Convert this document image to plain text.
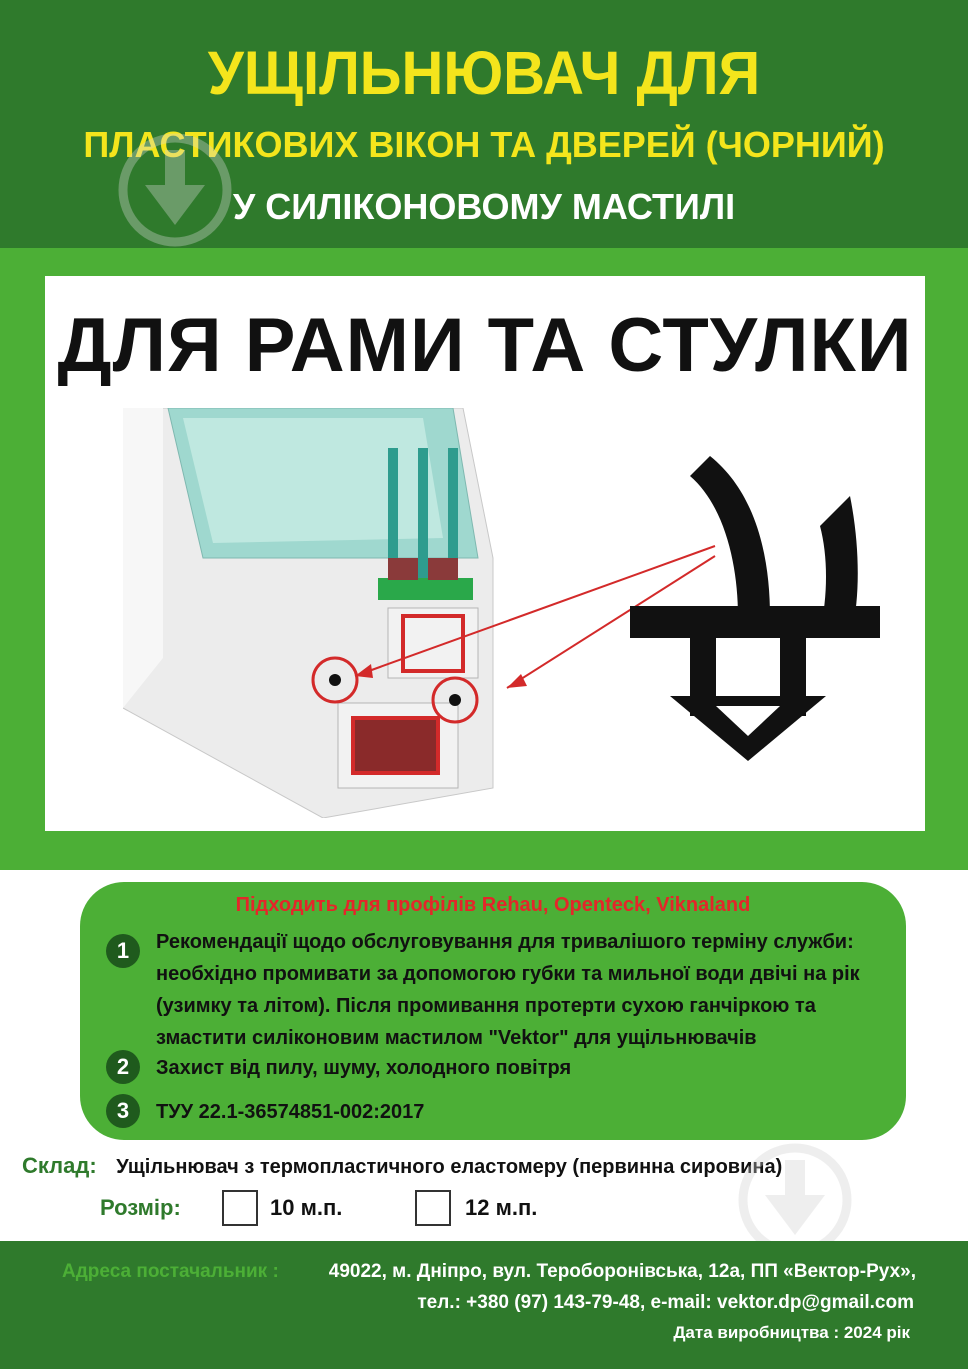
УЩІЛЬНЮВАЧ ДЛЯ
ПЛАСТИКОВИХ ВІКОН ТА ДВЕРЕЙ (ЧОРНИЙ)
У СИЛІКОНОВОМУ МАСТИЛІ
ДЛЯ РАМИ ТА СТУЛКИ
Підходить для профілів Rehau, Openteck, Viknaland
1	Рекомендації щодо обслуговування для тривалішого терміну служби:
необхідно промивати за допомогою губки та мильної води двічі на рік
(узимку та літом). Після промивання протерти сухою ганчіркою та
змастити силіконовим мастилом "Vektor" для ущільнювачів
2	Захист від пилу, шуму, холодного повітря
3	ТУУ 22.1-36574851-002:2017
Склад: Ущільнювач з термопластичного еластомеру (первинна сировина)
Розмір:	10 м.п.	12 м.п.
Адреса постачальник :	49022, м. Дніпро, вул. Тероборонівська, 12а, ПП «Вектор-Рух»,
тел.: +380 (97) 143-79-48, e-mail: vektor.dp@gmail.com
Дата виробництва : 2024 рік
